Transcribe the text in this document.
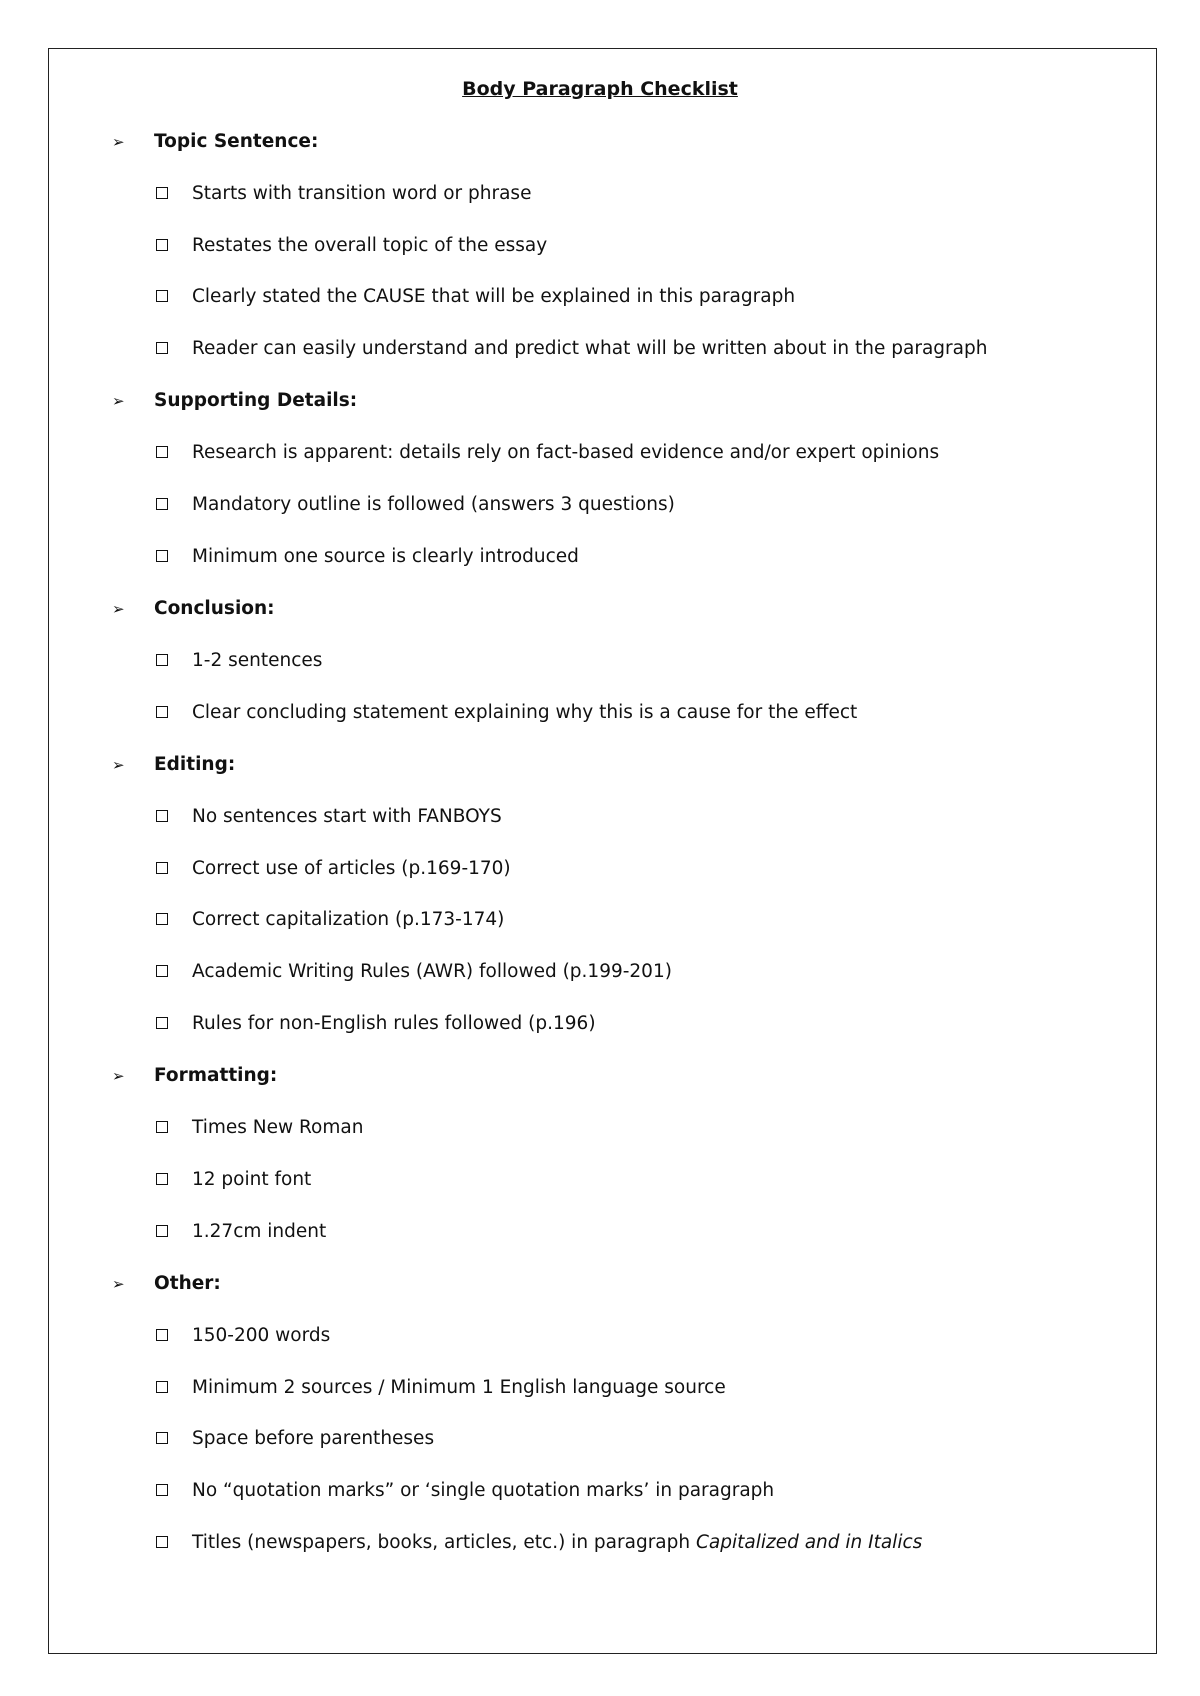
Body Paragraph Checklist
➢ Topic Sentence:
Starts with transition word or phrase
Restates the overall topic of the essay
Clearly stated the CAUSE that will be explained in this paragraph
Reader can easily understand and predict what will be written about in the paragraph
➢ Supporting Details:
Research is apparent: details rely on fact-based evidence and/or expert opinions
Mandatory outline is followed (answers 3 questions)
Minimum one source is clearly introduced
➢ Conclusion:
1-2 sentences
Clear concluding statement explaining why this is a cause for the effect
➢ Editing:
No sentences start with FANBOYS
Correct use of articles (p.169-170)
Correct capitalization (p.173-174)
Academic Writing Rules (AWR) followed (p.199-201)
Rules for non-English rules followed (p.196)
➢ Formatting:
Times New Roman
12 point font
1.27cm indent
➢ Other:
150-200 words
Minimum 2 sources / Minimum 1 English language source
Space before parentheses
No “quotation marks” or ‘single quotation marks’ in paragraph
Titles (newspapers, books, articles, etc.) in paragraph Capitalized and in Italics
